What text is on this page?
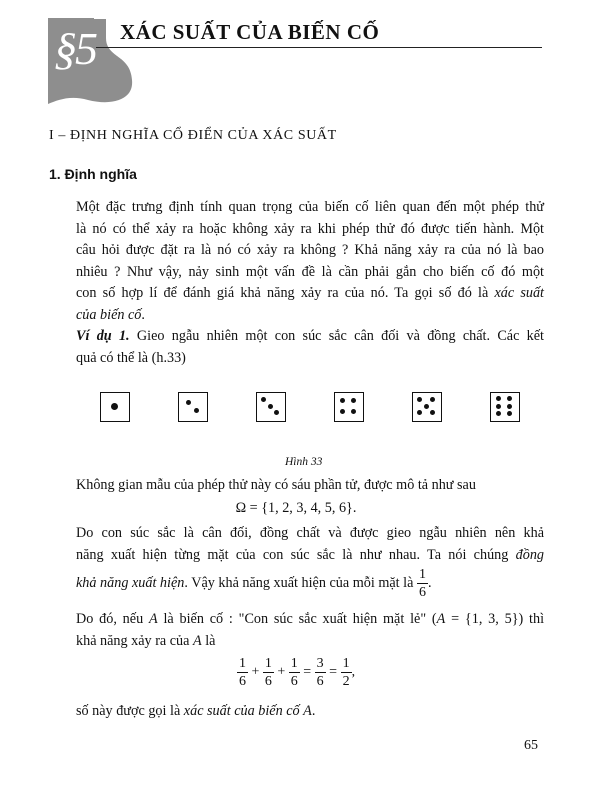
§5 XÁC SUẤT CỦA BIẾN CỐ
I – ĐỊNH NGHĨA CỔ ĐIỂN CỦA XÁC SUẤT
1. Định nghĩa
Một đặc trưng định tính quan trọng của biến cố liên quan đến một phép thử
là nó có thể xảy ra hoặc không xảy ra khi phép thử đó được tiến hành. Một
câu hỏi được đặt ra là nó có xảy ra không ? Khả năng xảy ra của nó là bao
nhiêu ? Như vậy, nảy sinh một vấn đề là cần phải gắn cho biến cố đó một
con số hợp lí để đánh giá khả năng xảy ra của nó. Ta gọi số đó là xác suất
của biến cố.
Ví dụ 1. Gieo ngẫu nhiên một con súc sắc cân đối và đồng chất. Các kết
quả có thể là (h.33)
Hình 33
Không gian mẫu của phép thử này có sáu phần tử, được mô tả như sau
Ω = {1, 2, 3, 4, 5, 6}.
Do con súc sắc là cân đối, đồng chất và được gieo ngẫu nhiên nên khả
năng xuất hiện từng mặt của con súc sắc là như nhau. Ta nói chúng đồng
khả năng xuất hiện. Vậy khả năng xuất hiện của mỗi mặt là $\frac{1}{6}$ .
Do đó, nếu A là biến cố : "Con súc sắc xuất hiện mặt lẻ" (A = {1, 3, 5}) thì
khả năng xảy ra của A là
$\frac{1}{6} + \frac{1}{6} + \frac{1}{6} = \frac{3}{6} = \frac{1}{2}$ ,
số này được gọi là xác suất của biến cố A.
65
